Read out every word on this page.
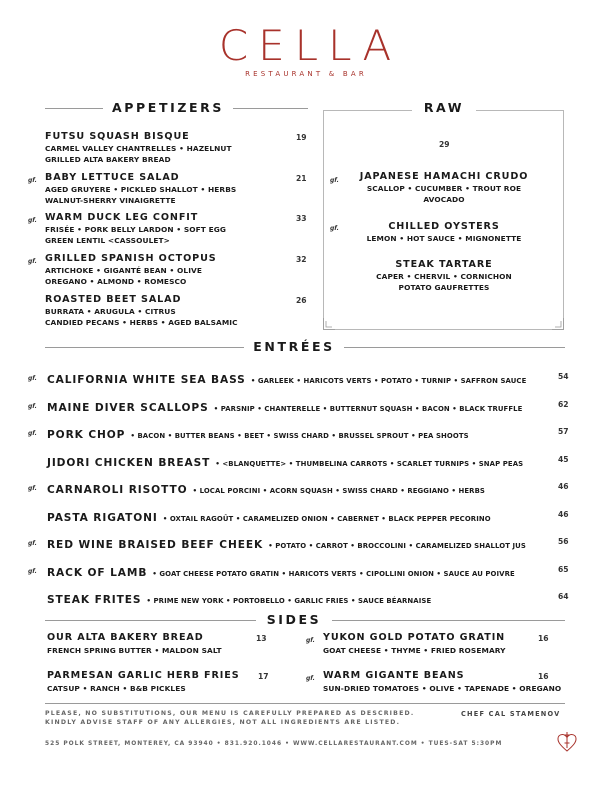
CELLA
RESTAURANT & BAR
APPETIZERS
FUTSU SQUASH BISQUE
CARMEL VALLEY CHANTRELLES • HAZELNUT
GRILLED ALTA BAKERY BREAD
19
gf. BABY LETTUCE SALAD
AGED GRUYERE • PICKLED SHALLOT • HERBS
WALNUT-SHERRY VINAIGRETTE
21
gf. WARM DUCK LEG CONFIT
FRISÉE • PORK BELLY LARDON • SOFT EGG
GREEN LENTIL <CASSOULET>
33
gf. GRILLED SPANISH OCTOPUS
ARTICHOKE • GIGANTÉ BEAN • OLIVE
OREGANO • ALMOND • ROMESCO
32
ROASTED BEET SALAD
BURRATA • ARUGULA • CITRUS
CANDIED PECANS • HERBS • AGED BALSAMIC
26
RAW
29
gf.	JAPANESE HAMACHI CRUDO
SCALLOP • CUCUMBER • TROUT ROE
AVOCADO
gf.	CHILLED OYSTERS
LEMON • HOT SAUCE • MIGNONETTE
STEAK TARTARE
CAPER • CHERVIL • CORNICHON
POTATO GAUFRETTES
ENTRÉES
gf. CALIFORNIA WHITE SEA BASS • GARLEEK • HARICOTS VERTS • POTATO • TURNIP • SAFFRON SAUCE	54
gf. MAINE DIVER SCALLOPS • PARSNIP • CHANTERELLE • BUTTERNUT SQUASH • BACON • BLACK TRUFFLE	62
gf. PORK CHOP • BACON • BUTTER BEANS • BEET • SWISS CHARD • BRUSSEL SPROUT • PEA SHOOTS	57
JIDORI CHICKEN BREAST • <BLANQUETTE> • THUMBELINA CARROTS • SCARLET TURNIPS • SNAP PEAS	45
gf. CARNAROLI RISOTTO • LOCAL PORCINI • ACORN SQUASH • SWISS CHARD • REGGIANO • HERBS	46
PASTA RIGATONI • OXTAIL RAGOÛT • CARAMELIZED ONION • CABERNET • BLACK PEPPER PECORINO	46
gf. RED WINE BRAISED BEEF CHEEK • POTATO • CARROT • BROCCOLINI • CARAMELIZED SHALLOT JUS	56
gf. RACK OF LAMB • GOAT CHEESE POTATO GRATIN • HARICOTS VERTS • CIPOLLINI ONION • SAUCE AU POIVRE	65
STEAK FRITES • PRIME NEW YORK • PORTOBELLO • GARLIC FRIES • SAUCE BÉARNAISE	64
SIDES
OUR ALTA BAKERY BREAD
FRENCH SPRING BUTTER • MALDON SALT
13
PARMESAN GARLIC HERB FRIES
CATSUP • RANCH • B&B PICKLES
17
gf. YUKON GOLD POTATO GRATIN
GOAT CHEESE • THYME • FRIED ROSEMARY
16
gf. WARM GIGANTE BEANS
SUN-DRIED TOMATOES • OLIVE • TAPENADE • OREGANO
16
PLEASE, NO SUBSTITUTIONS, OUR MENU IS CAREFULLY PREPARED AS DESCRIBED.
KINDLY ADVISE STAFF OF ANY ALLERGIES, NOT ALL INGREDIENTS ARE LISTED.
CHEF CAL STAMENOV
525 POLK STREET, MONTEREY, CA 93940 • 831.920.1046 • WWW.CELLARESTAURANT.COM • TUES-SAT 5:30PM
